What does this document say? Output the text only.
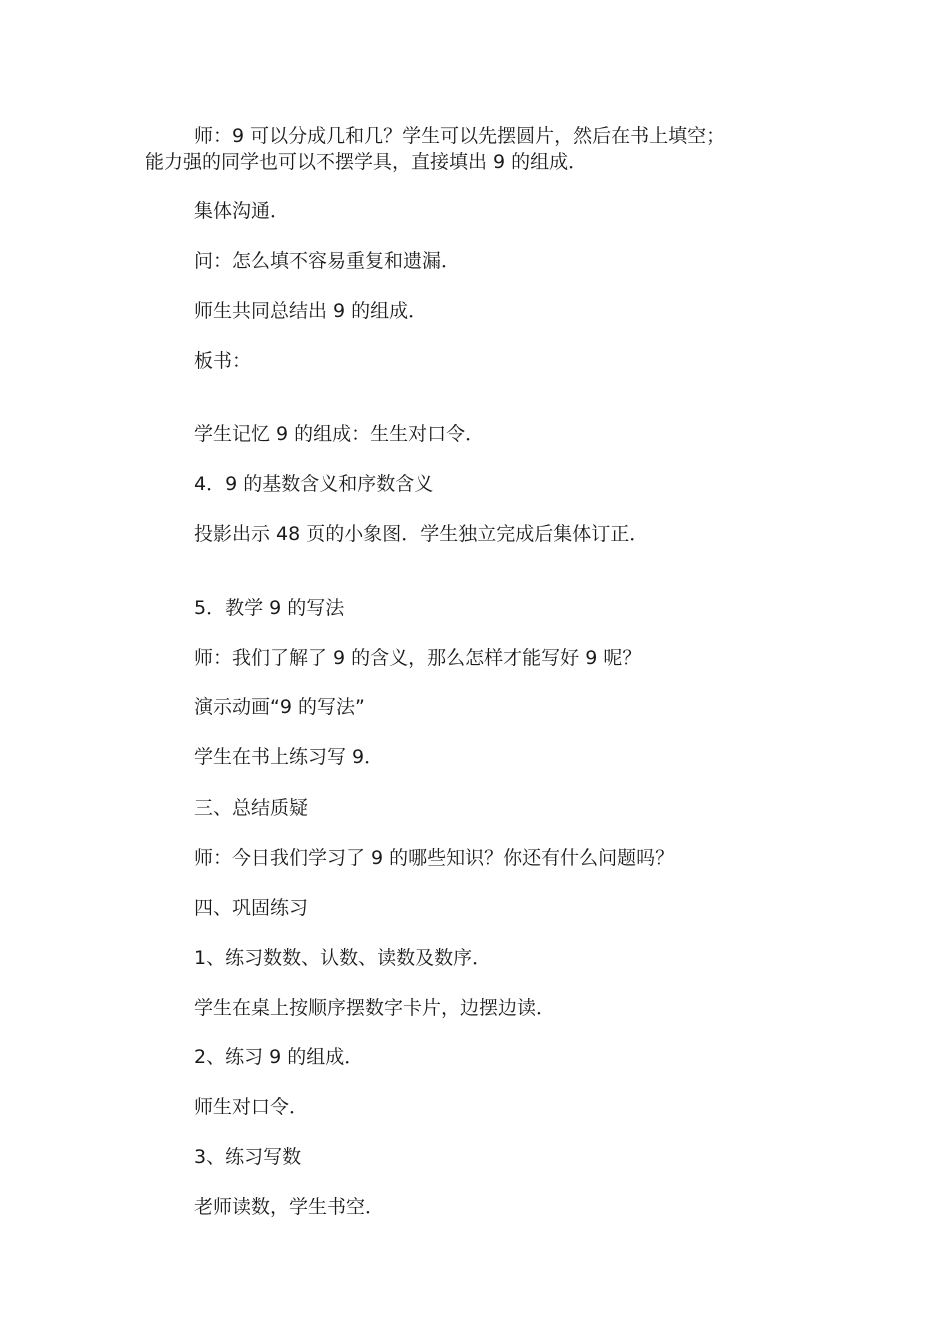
师：9 可以分成几和几？学生可以先摆圆片，然后在书上填空；
能力强的同学也可以不摆学具，直接填出 9 的组成．

集体沟通．

问：怎么填不容易重复和遗漏．

师生共同总结出 9 的组成．

板书：

学生记忆 9 的组成：生生对口令．

4．9 的基数含义和序数含义

投影出示 48 页的小象图．学生独立完成后集体订正．

5．教学 9 的写法

师：我们了解了 9 的含义，那么怎样才能写好 9 呢？

演示动画“9 的写法”

学生在书上练习写 9．

三、总结质疑

师：今日我们学习了 9 的哪些知识？你还有什么问题吗？

四、巩固练习

1、练习数数、认数、读数及数序．

学生在桌上按顺序摆数字卡片，边摆边读．

2、练习 9 的组成．

师生对口令．

3、练习写数

老师读数，学生书空．
